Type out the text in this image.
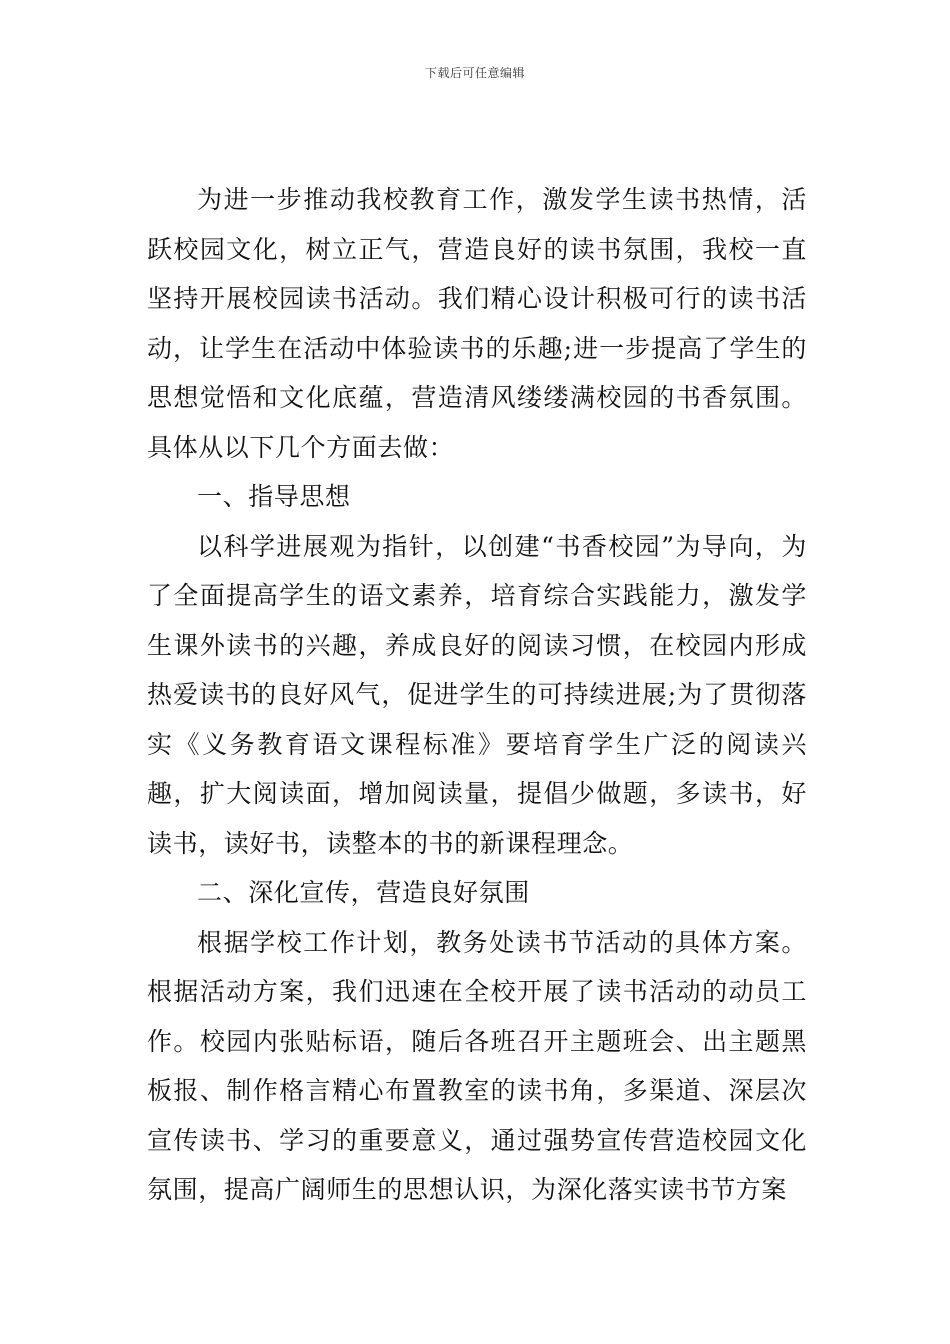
下载后可任意编辑

为进一步推动我校教育工作，激发学生读书热情，活跃校园文化，树立正气，营造良好的读书氛围，我校一直坚持开展校园读书活动。我们精心设计积极可行的读书活动，让学生在活动中体验读书的乐趣;进一步提高了学生的思想觉悟和文化底蕴，营造清风缕缕满校园的书香氛围。具体从以下几个方面去做：

一、指导思想

以科学进展观为指针，以创建“书香校园”为导向，为了全面提高学生的语文素养，培育综合实践能力，激发学生课外读书的兴趣，养成良好的阅读习惯，在校园内形成热爱读书的良好风气，促进学生的可持续进展;为了贯彻落实《义务教育语文课程标准》要培育学生广泛的阅读兴趣，扩大阅读面，增加阅读量，提倡少做题，多读书，好读书，读好书，读整本的书的新课程理念。

二、深化宣传，营造良好氛围

根据学校工作计划，教务处读书节活动的具体方案。根据活动方案，我们迅速在全校开展了读书活动的动员工作。校园内张贴标语，随后各班召开主题班会、出主题黑板报、制作格言精心布置教室的读书角，多渠道、深层次宣传读书、学习的重要意义，通过强势宣传营造校园文化氛围，提高广阔师生的思想认识，为深化落实读书节方案
